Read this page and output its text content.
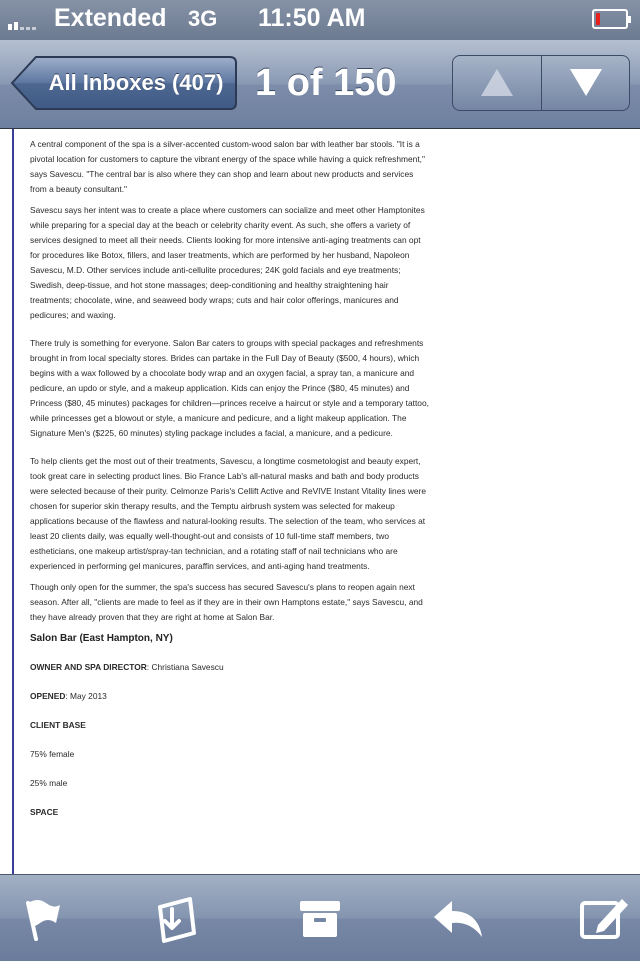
Extended 3G 11:50 AM
All Inboxes (407) 1 of 150

A central component of the spa is a silver-accented custom-wood salon bar with leather bar stools. "It is a pivotal location for customers to capture the vibrant energy of the space while having a quick refreshment," says Savescu. "The central bar is also where they can shop and learn about new products and services from a beauty consultant."

Savescu says her intent was to create a place where customers can socialize and meet other Hamptonites while preparing for a special day at the beach or celebrity charity event. As such, she offers a variety of services designed to meet all their needs. Clients looking for more intensive anti-aging treatments can opt for procedures like Botox, fillers, and laser treatments, which are performed by her husband, Napoleon Savescu, M.D. Other services include anti-cellulite procedures; 24K gold facials and eye treatments; Swedish, deep-tissue, and hot stone massages; deep-conditioning and healthy straightening hair treatments; chocolate, wine, and seaweed body wraps; cuts and hair color offerings, manicures and pedicures; and waxing.

There truly is something for everyone. Salon Bar caters to groups with special packages and refreshments brought in from local specialty stores. Brides can partake in the Full Day of Beauty ($500, 4 hours), which begins with a wax followed by a chocolate body wrap and an oxygen facial, a spray tan, a manicure and pedicure, an updo or style, and a makeup application. Kids can enjoy the Prince ($80, 45 minutes) and Princess ($80, 45 minutes) packages for children—princes receive a haircut or style and a temporary tattoo, while princesses get a blowout or style, a manicure and pedicure, and a light makeup application. The Signature Men's ($225, 60 minutes) styling package includes a facial, a manicure, and a pedicure.

To help clients get the most out of their treatments, Savescu, a longtime cosmetologist and beauty expert, took great care in selecting product lines. Bio France Lab's all-natural masks and bath and body products were selected because of their purity. Celmonze Paris's Cellift Active and ReVIVE Instant Vitality lines were chosen for superior skin therapy results, and the Temptu airbrush system was selected for makeup applications because of the flawless and natural-looking results. The selection of the team, who services at least 20 clients daily, was equally well-thought-out and consists of 10 full-time staff members, two estheticians, one makeup artist/spray-tan technician, and a rotating staff of nail technicians who are experienced in performing gel manicures, paraffin services, and anti-aging hand treatments.

Though only open for the summer, the spa's success has secured Savescu's plans to reopen again next season. After all, "clients are made to feel as if they are in their own Hamptons estate," says Savescu, and they have already proven that they are right at home at Salon Bar.

Salon Bar (East Hampton, NY)
OWNER AND SPA DIRECTOR: Christiana Savescu
OPENED: May 2013
CLIENT BASE
75% female
25% male
SPACE
